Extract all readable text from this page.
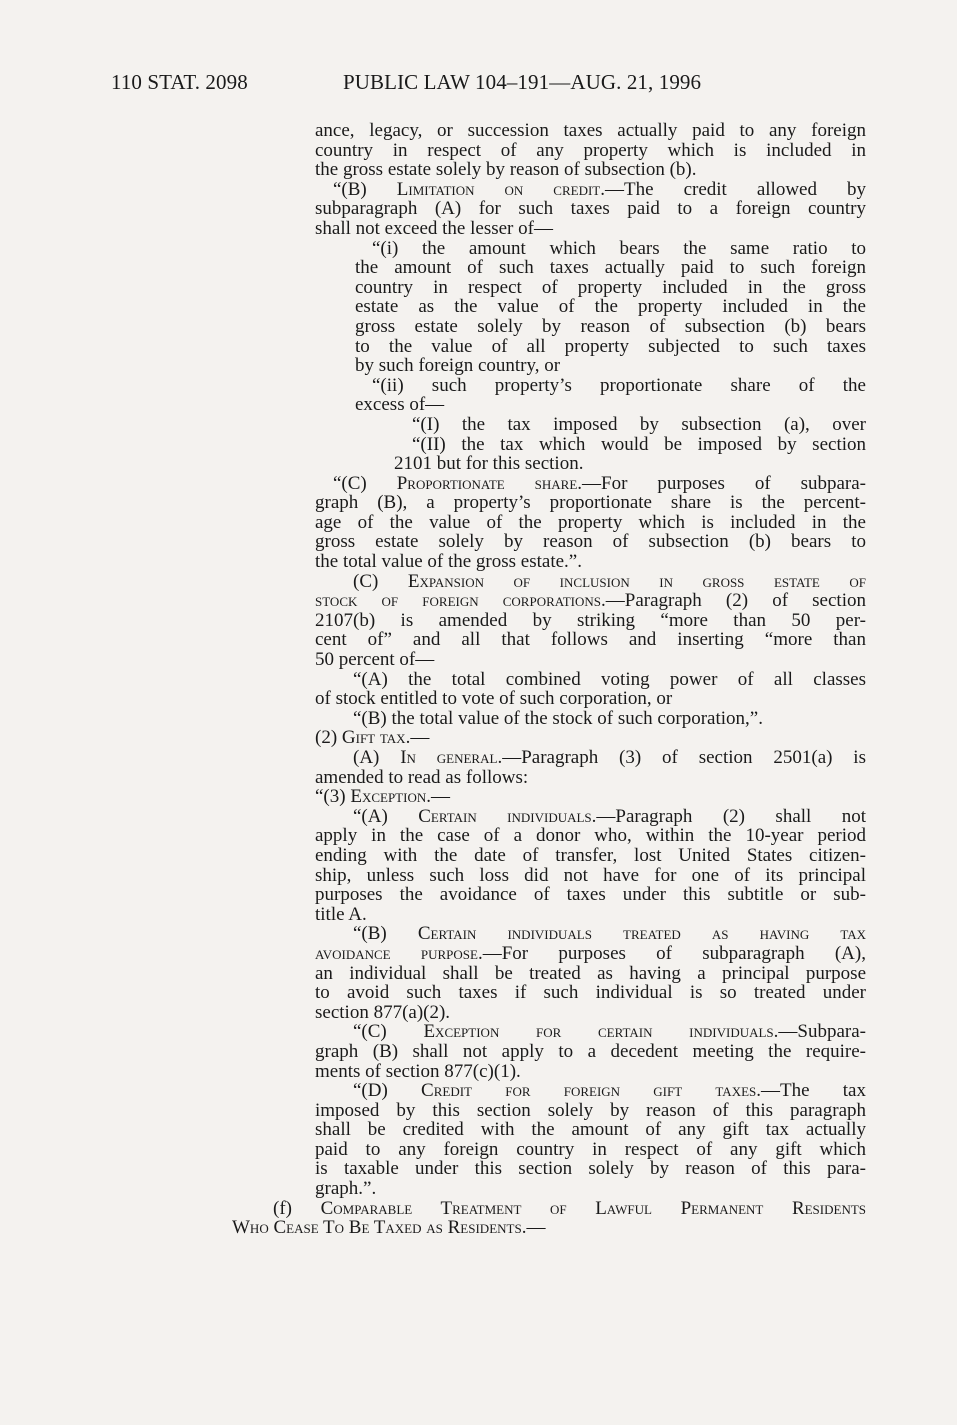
110 STAT. 2098	PUBLIC LAW 104–191—AUG. 21, 1996
ance, legacy, or succession taxes actually paid to any foreign
country in respect of any property which is included in
the gross estate solely by reason of subsection (b).
“(B) Limitation on credit.—The credit allowed by
subparagraph (A) for such taxes paid to a foreign country
shall not exceed the lesser of—
“(i) the amount which bears the same ratio to
the amount of such taxes actually paid to such foreign
country in respect of property included in the gross
estate as the value of the property included in the
gross estate solely by reason of subsection (b) bears
to the value of all property subjected to such taxes
by such foreign country, or
“(ii) such property’s proportionate share of the
excess of—
“(I) the tax imposed by subsection (a), over
“(II) the tax which would be imposed by section
2101 but for this section.
“(C) Proportionate share.—For purposes of subpara-
graph (B), a property’s proportionate share is the percent-
age of the value of the property which is included in the
gross estate solely by reason of subsection (b) bears to
the total value of the gross estate.”.
(C) Expansion of inclusion in gross estate of
stock of foreign corporations.—Paragraph (2) of section
2107(b) is amended by striking “more than 50 per-
cent of” and all that follows and inserting “more than
50 percent of—
“(A) the total combined voting power of all classes
of stock entitled to vote of such corporation, or
“(B) the total value of the stock of such corporation,”.
(2) Gift tax.—
(A) In general.—Paragraph (3) of section 2501(a) is
amended to read as follows:
“(3) Exception.—
“(A) Certain individuals.—Paragraph (2) shall not
apply in the case of a donor who, within the 10-year period
ending with the date of transfer, lost United States citizen-
ship, unless such loss did not have for one of its principal
purposes the avoidance of taxes under this subtitle or sub-
title A.
“(B) Certain individuals treated as having tax
avoidance purpose.—For purposes of subparagraph (A),
an individual shall be treated as having a principal purpose
to avoid such taxes if such individual is so treated under
section 877(a)(2).
“(C) Exception for certain individuals.—Subpara-
graph (B) shall not apply to a decedent meeting the require-
ments of section 877(c)(1).
“(D) Credit for foreign gift taxes.—The tax
imposed by this section solely by reason of this paragraph
shall be credited with the amount of any gift tax actually
paid to any foreign country in respect of any gift which
is taxable under this section solely by reason of this para-
graph.”.
(f) Comparable Treatment of Lawful Permanent Residents
Who Cease To Be Taxed as Residents.—
